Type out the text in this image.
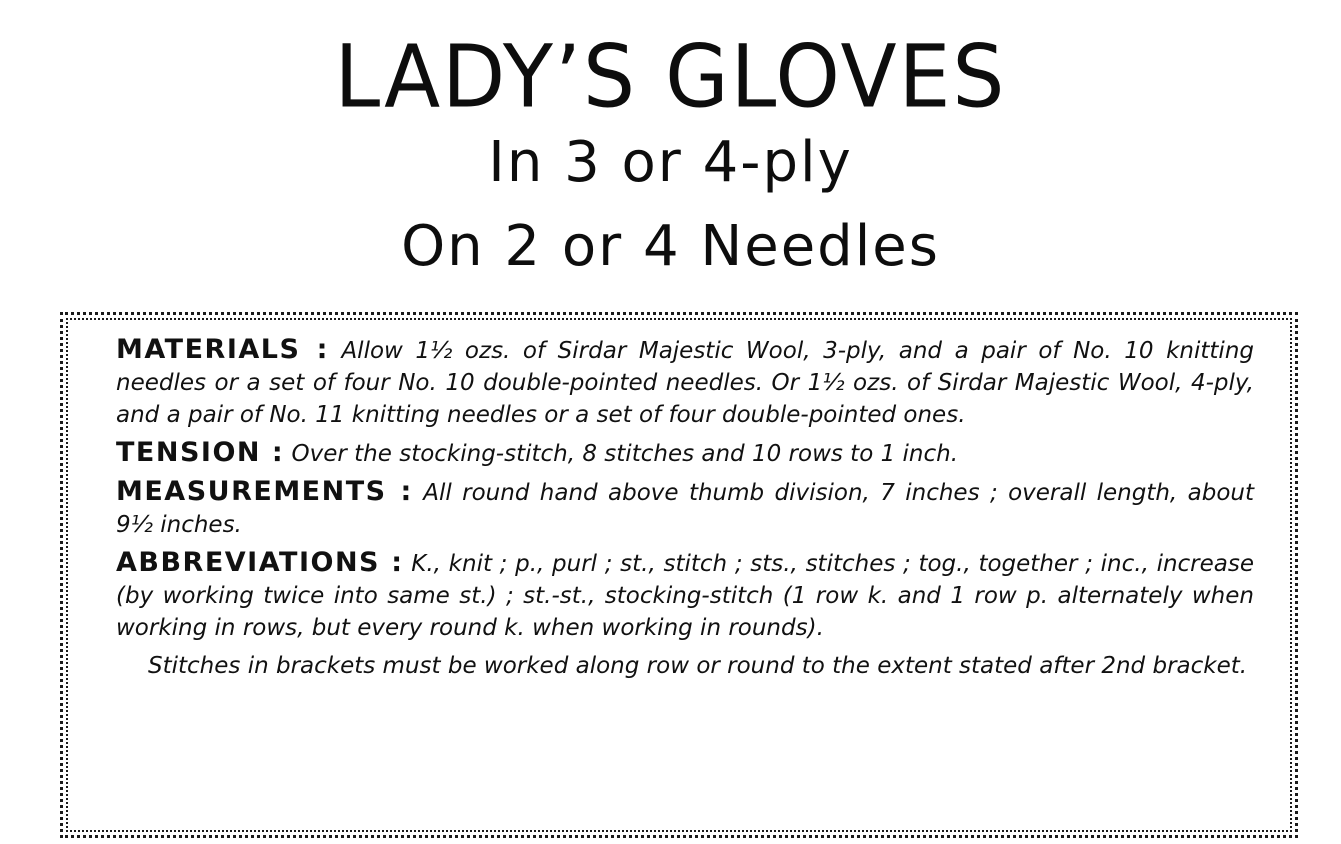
LADY’S GLOVES
In 3 or 4-ply
On 2 or 4 Needles

MATERIALS : Allow 1½ ozs. of Sirdar Majestic Wool, 3-ply, and a pair of No. 10 knitting needles or a set of four No. 10 double-pointed needles. Or 1½ ozs. of Sirdar Majestic Wool, 4-ply, and a pair of No. 11 knitting needles or a set of four double-pointed ones.

TENSION : Over the stocking-stitch, 8 stitches and 10 rows to 1 inch.

MEASUREMENTS : All round hand above thumb division, 7 inches ; overall length, about 9½ inches.

ABBREVIATIONS : K., knit ; p., purl ; st., stitch ; sts., stitches ; tog., together ; inc., increase (by working twice into same st.) ; st.-st., stocking-stitch (1 row k. and 1 row p. alternately when working in rows, but every round k. when working in rounds).

Stitches in brackets must be worked along row or round to the extent stated after 2nd bracket.
